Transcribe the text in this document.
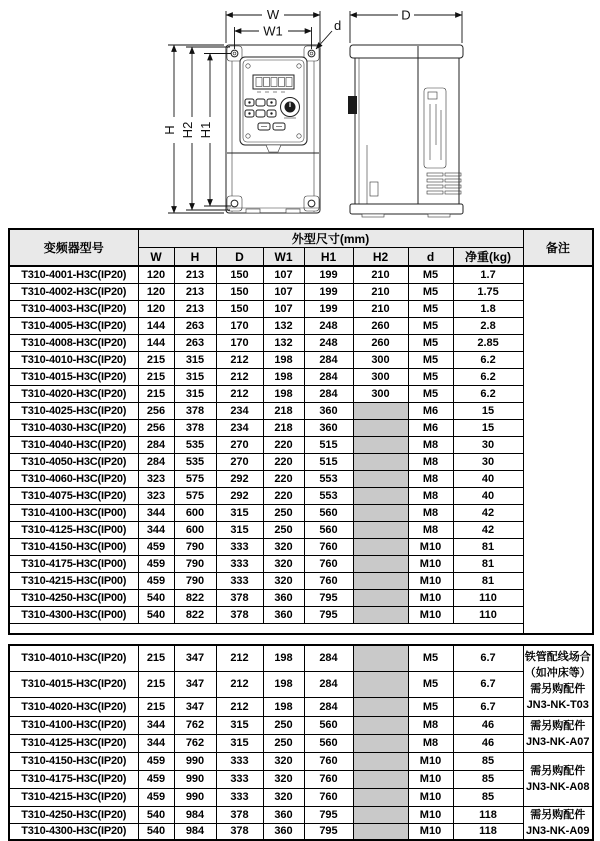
W
W1	d
H H2 H1
D
变频器型号	外型尺寸(mm)								备注
	W	H	D	W1	H1	H2	d	净重(kg)	
T310-4001-H3C(IP20)	120	213	150	107	199	210	M5	1.7	
T310-4002-H3C(IP20)	120	213	150	107	199	210	M5	1.75	
T310-4003-H3C(IP20)	120	213	150	107	199	210	M5	1.8	
T310-4005-H3C(IP20)	144	263	170	132	248	260	M5	2.8	
T310-4008-H3C(IP20)	144	263	170	132	248	260	M5	2.85	
T310-4010-H3C(IP20)	215	315	212	198	284	300	M5	6.2	
T310-4015-H3C(IP20)	215	315	212	198	284	300	M5	6.2	
T310-4020-H3C(IP20)	215	315	212	198	284	300	M5	6.2	
T310-4025-H3C(IP20)	256	378	234	218	360		M6	15	
T310-4030-H3C(IP20)	256	378	234	218	360		M6	15	
T310-4040-H3C(IP20)	284	535	270	220	515		M8	30	
T310-4050-H3C(IP20)	284	535	270	220	515		M8	30	
T310-4060-H3C(IP20)	323	575	292	220	553		M8	40	
T310-4075-H3C(IP20)	323	575	292	220	553		M8	40	
T310-4100-H3C(IP00)	344	600	315	250	560		M8	42	
T310-4125-H3C(IP00)	344	600	315	250	560		M8	42	
T310-4150-H3C(IP00)	459	790	333	320	760		M10	81	
T310-4175-H3C(IP00)	459	790	333	320	760		M10	81	
T310-4215-H3C(IP00)	459	790	333	320	760		M10	81	
T310-4250-H3C(IP00)	540	822	378	360	795		M10	110	
T310-4300-H3C(IP00)	540	822	378	360	795		M10	110	

T310-4010-H3C(IP20)	215	347	212	198	284		M5	6.7	铁管配线场合
（如冲床等）
需另购配件
JN3-NK-T03

T310-4015-H3C(IP20)	215	347	212	198	284		M5	6.7	
T310-4020-H3C(IP20)	215	347	212	198	284		M5	6.7	
T310-4100-H3C(IP20)	344	762	315	250	560		M8	46	需另购配件
JN3-NK-A07

T310-4125-H3C(IP20)	344	762	315	250	560		M8	46	
T310-4150-H3C(IP20)	459	990	333	320	760		M10	85	需另购配件
JN3-NK-A08

T310-4175-H3C(IP20)	459	990	333	320	760		M10	85	
T310-4215-H3C(IP20)	459	990	333	320	760		M10	85	
T310-4250-H3C(IP20)	540	984	378	360	795		M10	118	需另购配件
JN3-NK-A09

T310-4300-H3C(IP20)	540	984	378	360	795		M10	118	
